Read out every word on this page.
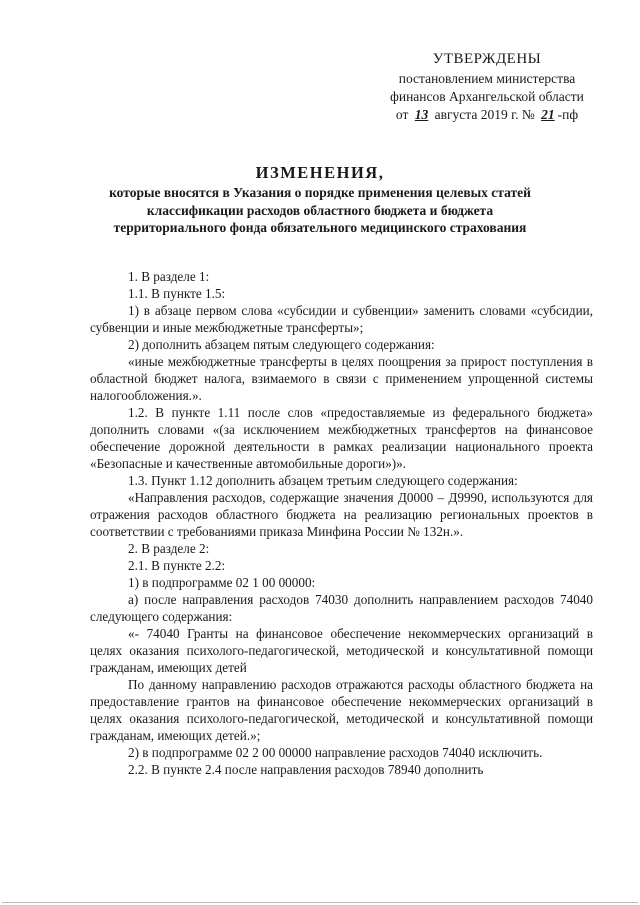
УТВЕРЖДЕНЫ
постановлением министерства
финансов Архангельской области
от 13 августа 2019 г. № 21 -пф
ИЗМЕНЕНИЯ,
которые вносятся в Указания о порядке применения целевых статей
классификации расходов областного бюджета и бюджета
территориального фонда обязательного медицинского страхования

1. В разделе 1:

1.1. В пункте 1.5:

1) в абзаце первом слова «субсидии и субвенции» заменить словами «субсидии, субвенции и иные межбюджетные трансферты»;

2) дополнить абзацем пятым следующего содержания:

«иные межбюджетные трансферты в целях поощрения за прирост поступления в областной бюджет налога, взимаемого в связи с применением упрощенной системы налогообложения.».

1.2. В пункте 1.11 после слов «предоставляемые из федерального бюджета» дополнить словами «(за исключением межбюджетных трансфертов на финансовое обеспечение дорожной деятельности в рамках реализации национального проекта «Безопасные и качественные автомобильные дороги»)».

1.3. Пункт 1.12 дополнить абзацем третьим следующего содержания:

«Направления расходов, содержащие значения Д0000 – Д9990, используются для отражения расходов областного бюджета на реализацию региональных проектов в соответствии с требованиями приказа Минфина России № 132н.».

2. В разделе 2:

2.1. В пункте 2.2:

1) в подпрограмме 02 1 00 00000:

а) после направления расходов 74030 дополнить направлением расходов 74040 следующего содержания:

«- 74040 Гранты на финансовое обеспечение некоммерческих организаций в целях оказания психолого-педагогической, методической и консультативной помощи гражданам, имеющих детей

По данному направлению расходов отражаются расходы областного бюджета на предоставление грантов на финансовое обеспечение некоммерческих организаций в целях оказания психолого-педагогической, методической и консультативной помощи гражданам, имеющих детей.»;

2) в подпрограмме 02 2 00 00000 направление расходов 74040 исключить.

2.2. В пункте 2.4 после направления расходов 78940 дополнить
